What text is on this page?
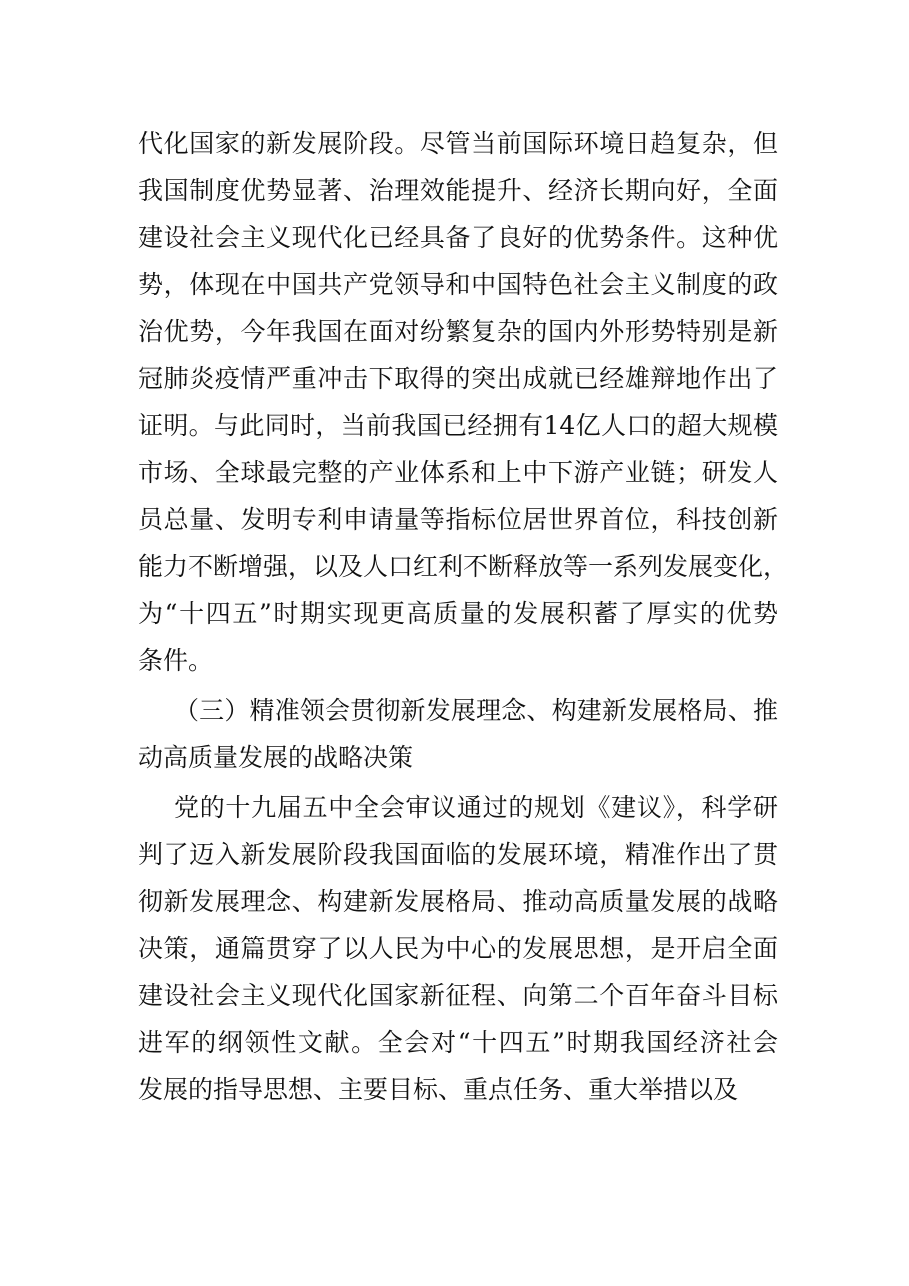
代化国家的新发展阶段。尽管当前国际环境日趋复杂，但
我国制度优势显著、治理效能提升、经济长期向好，全面
建设社会主义现代化已经具备了良好的优势条件。这种优
势，体现在中国共产党领导和中国特色社会主义制度的政
治优势，今年我国在面对纷繁复杂的国内外形势特别是新
冠肺炎疫情严重冲击下取得的突出成就已经雄辩地作出了
证明。与此同时，当前我国已经拥有14亿人口的超大规模
市场、全球最完整的产业体系和上中下游产业链；研发人
员总量、发明专利申请量等指标位居世界首位，科技创新
能力不断增强，以及人口红利不断释放等一系列发展变化，
为“十四五”时期实现更高质量的发展积蓄了厚实的优势
条件。
（三）精准领会贯彻新发展理念、构建新发展格局、推
动高质量发展的战略决策
党的十九届五中全会审议通过的规划《建议》，科学研
判了迈入新发展阶段我国面临的发展环境，精准作出了贯
彻新发展理念、构建新发展格局、推动高质量发展的战略
决策，通篇贯穿了以人民为中心的发展思想，是开启全面
建设社会主义现代化国家新征程、向第二个百年奋斗目标
进军的纲领性文献。全会对“十四五”时期我国经济社会
发展的指导思想、主要目标、重点任务、重大举措以及
